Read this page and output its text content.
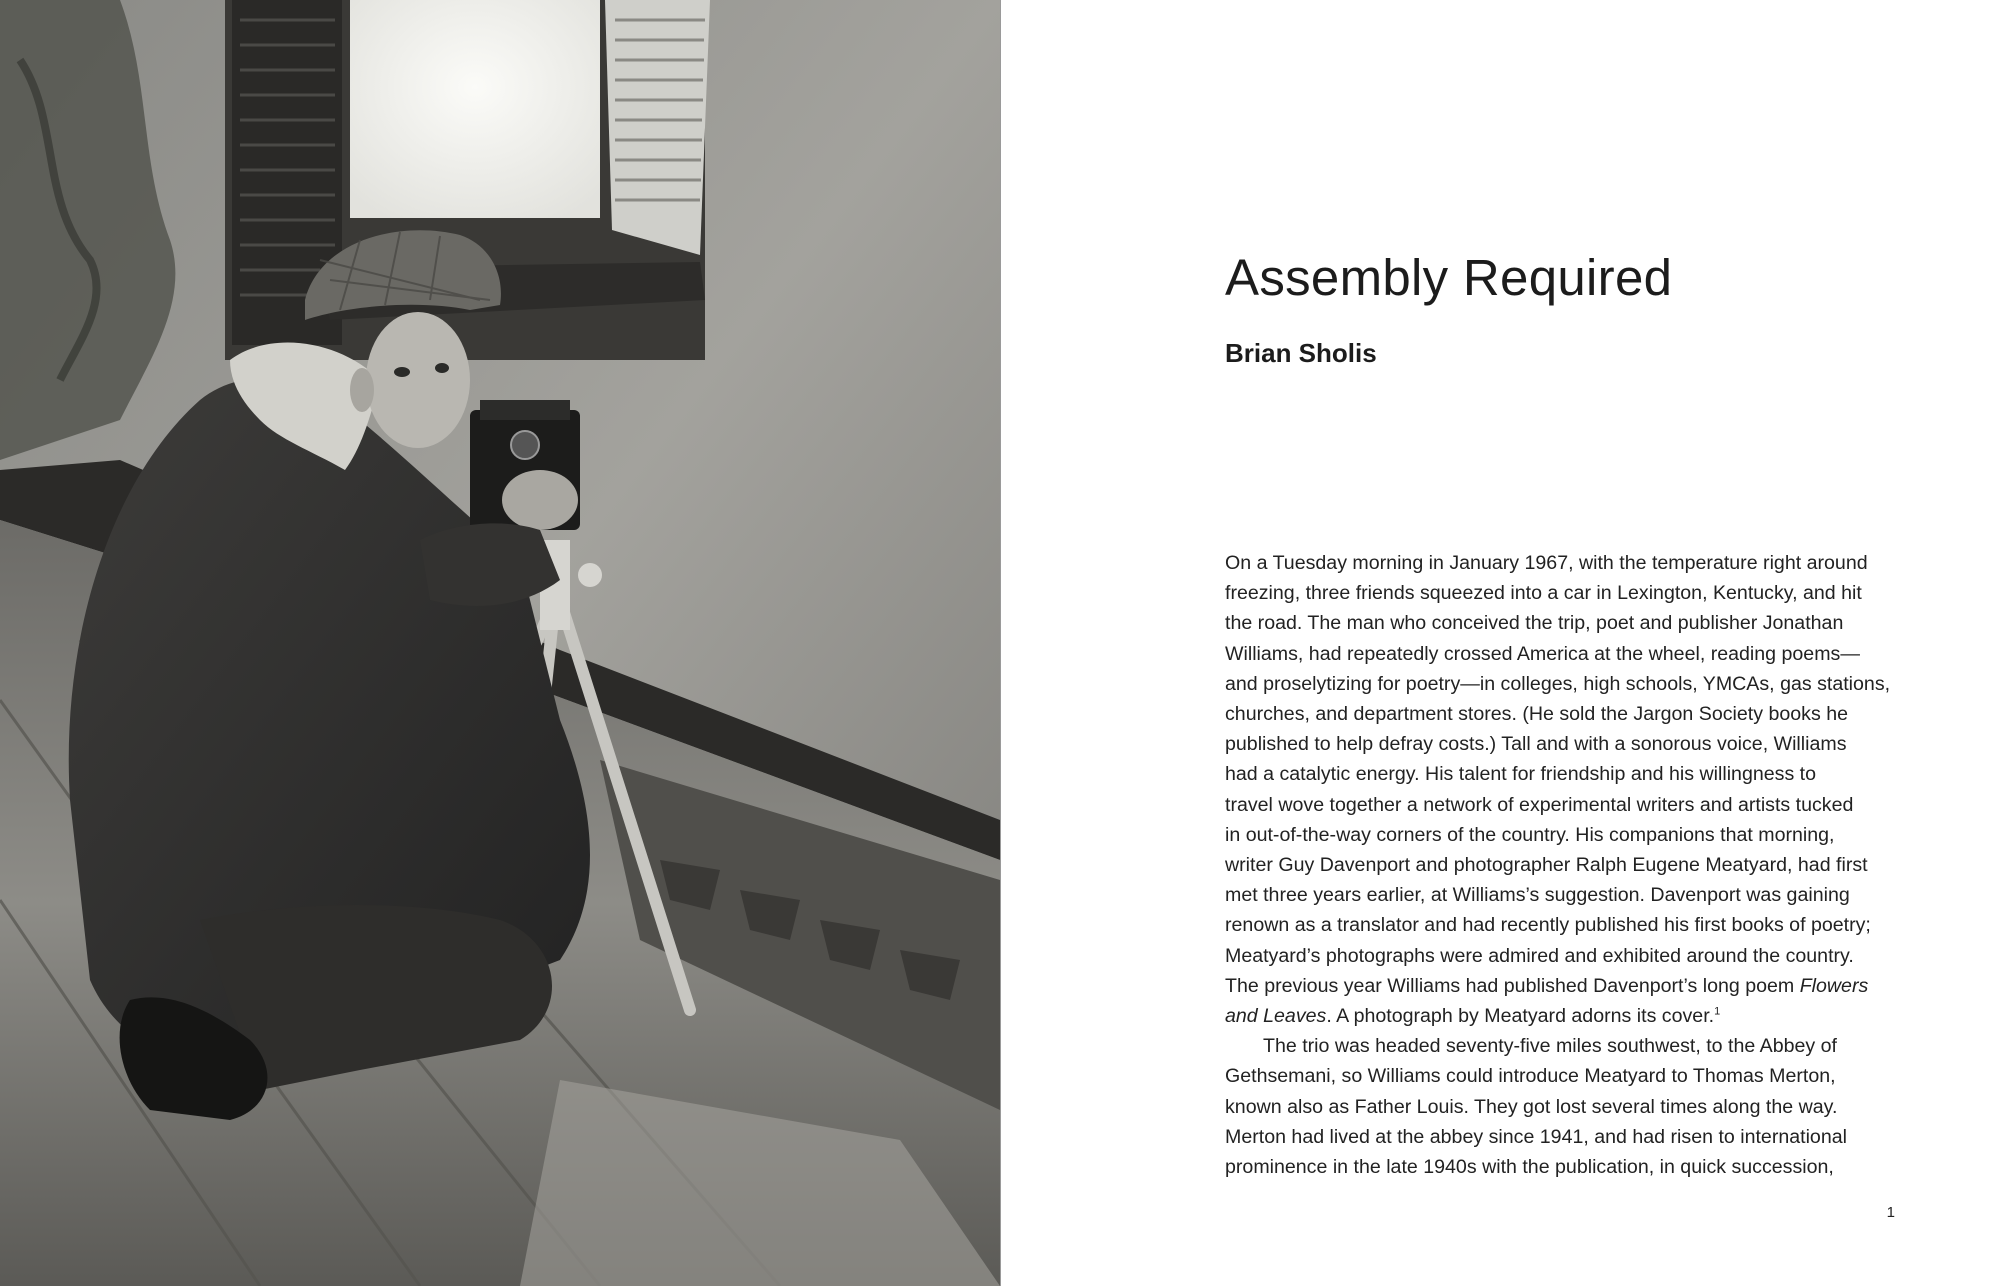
Assembly Required
Brian Sholis

On a Tuesday morning in January 1967, with the temperature right around
freezing, three friends squeezed into a car in Lexington, Kentucky, and hit
the road. The man who conceived the trip, poet and publisher Jonathan
Williams, had repeatedly crossed America at the wheel, reading poems—
and proselytizing for poetry—in colleges, high schools, YMCAs, gas stations,
churches, and department stores. (He sold the Jargon Society books he
published to help defray costs.) Tall and with a sonorous voice, Williams
had a catalytic energy. His talent for friendship and his willingness to
travel wove together a network of experimental writers and artists tucked
in out-of-the-way corners of the country. His companions that morning,
writer Guy Davenport and photographer Ralph Eugene Meatyard, had first
met three years earlier, at Williams’s suggestion. Davenport was gaining
renown as a translator and had recently published his first books of poetry;
Meatyard’s photographs were admired and exhibited around the country.
The previous year Williams had published Davenport’s long poem Flowers
and Leaves. A photograph by Meatyard adorns its cover.$^1$

The trio was headed seventy-five miles southwest, to the Abbey of
Gethsemani, so Williams could introduce Meatyard to Thomas Merton,
known also as Father Louis. They got lost several times along the way.
Merton had lived at the abbey since 1941, and had risen to international
prominence in the late 1940s with the publication, in quick succession,

1
